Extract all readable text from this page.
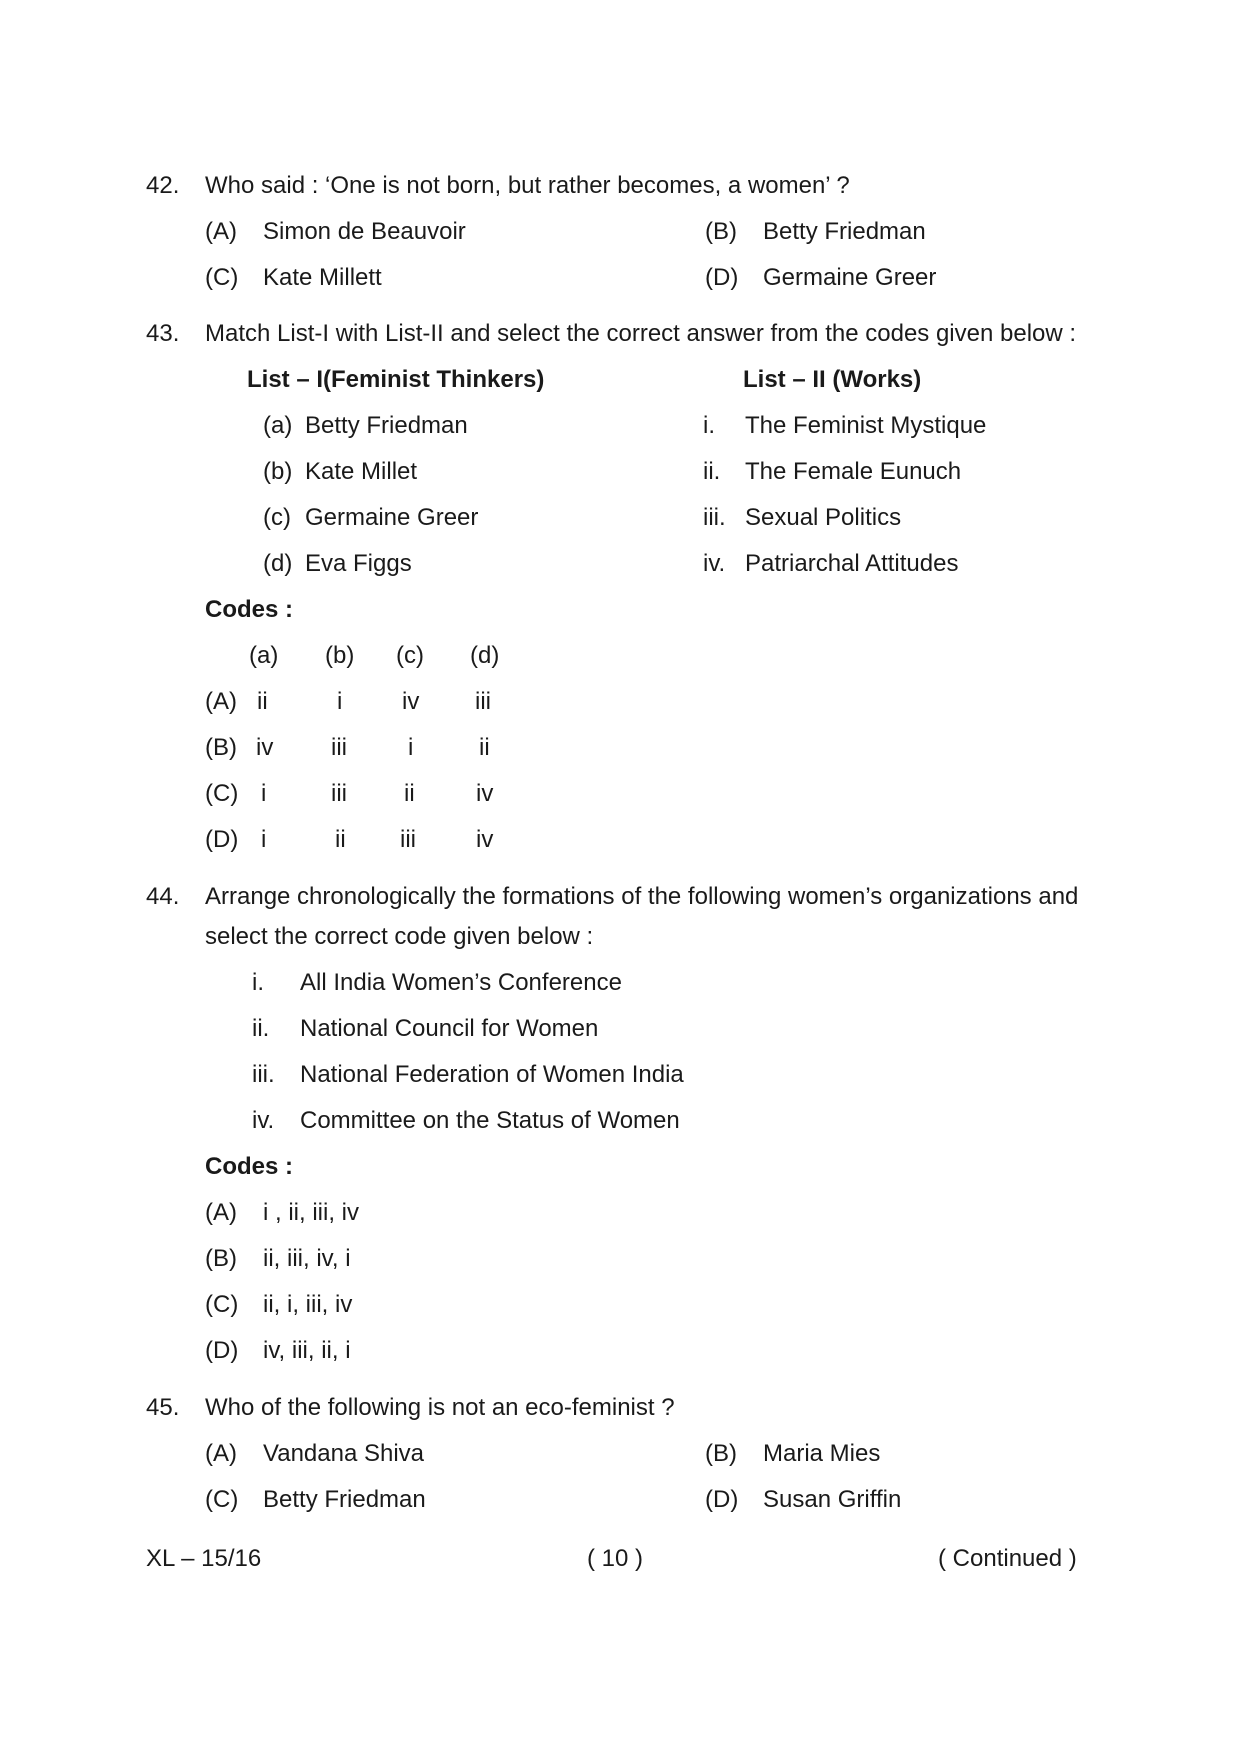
42. Who said : ‘One is not born, but rather becomes, a women’ ?
(A) Simon de Beauvoir	(B) Betty Friedman
(C) Kate Millett	(D) Germaine Greer
43. Match List-I with List-II and select the correct answer from the codes given below :
List – I(Feminist Thinkers)	List – II (Works)
(a) Betty Friedman	i. The Feminist Mystique
(b) Kate Millet	ii. The Female Eunuch
(c) Germaine Greer	iii. Sexual Politics
(d) Eva Figgs	iv. Patriarchal Attitudes
Codes :
(a) (b) (c) (d)
(A) ii	i iv iii
(B) iv iii	i	ii
(C) i	iii ii	iv
(D) i	ii iii	iv
44. Arrange chronologically the formations of the following women’s organizations and
select the correct code given below :
i. All India Women’s Conference
ii. National Council for Women
iii. National Federation of Women India
iv. Committee on the Status of Women
Codes :
(A) i , ii, iii, iv
(B) ii, iii, iv, i
(C) ii, i, iii, iv
(D) iv, iii, ii, i
45. Who of the following is not an eco-feminist ?
(A) Vandana Shiva	(B) Maria Mies
(C) Betty Friedman	(D) Susan Griffin
XL – 15/16	( 10 )	( Continued )
